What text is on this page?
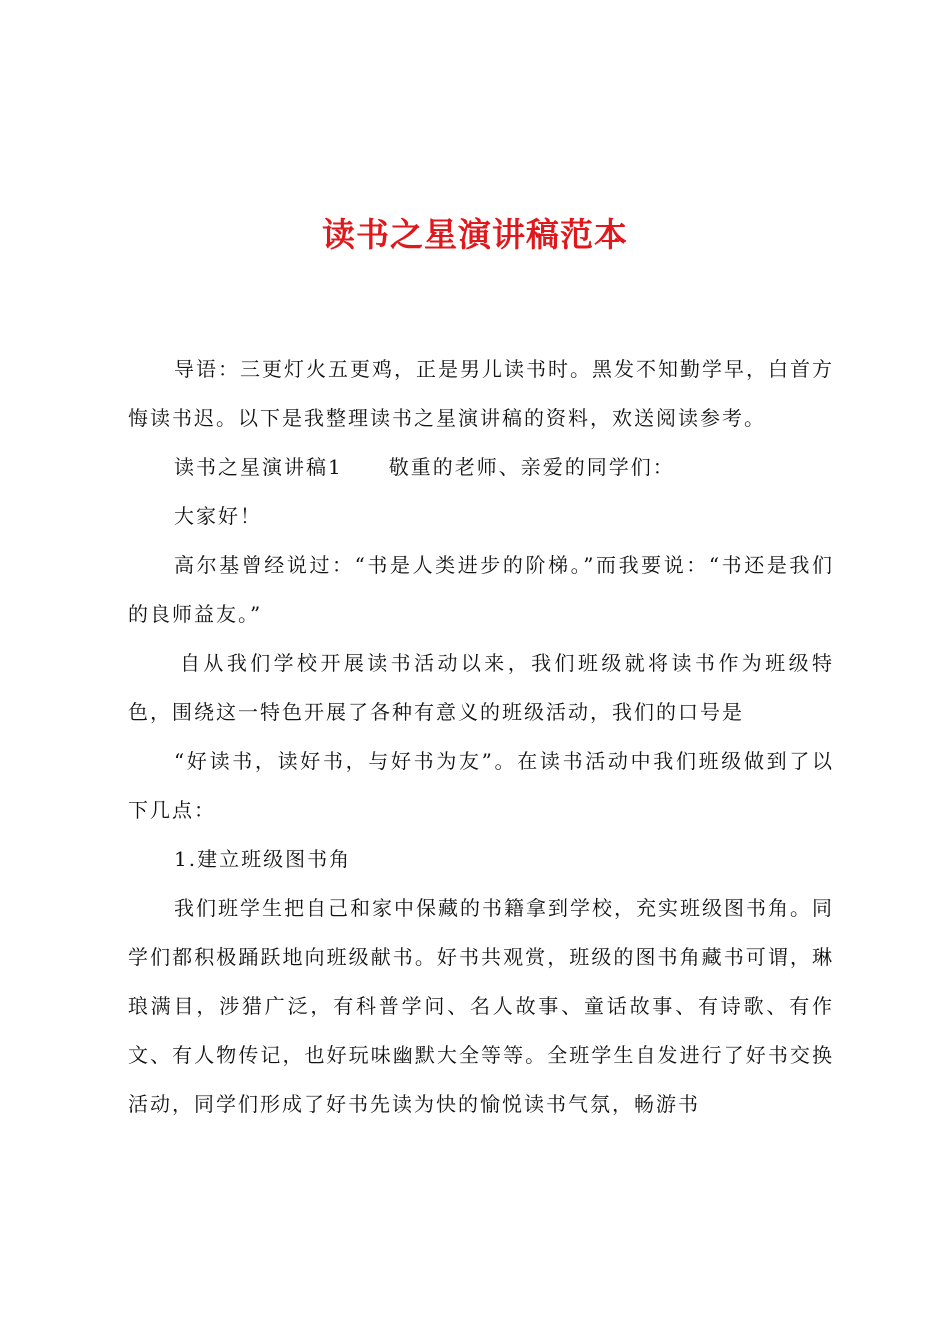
读书之星演讲稿范本

导语：三更灯火五更鸡，正是男儿读书时。黑发不知勤学早，白首方悔读书迟。以下是我整理读书之星演讲稿的资料，欢送阅读参考。

读书之星演讲稿1 敬重的老师、亲爱的同学们：

大家好！

高尔基曾经说过：“书是人类进步的阶梯。”而我要说：“书还是我们的良师益友。”

自从我们学校开展读书活动以来，我们班级就将读书作为班级特色，围绕这一特色开展了各种有意义的班级活动，我们的口号是

“好读书，读好书，与好书为友”。在读书活动中我们班级做到了以下几点：

1.建立班级图书角

我们班学生把自己和家中保藏的书籍拿到学校，充实班级图书角。同学们都积极踊跃地向班级献书。好书共观赏，班级的图书角藏书可谓，琳琅满目，涉猎广泛，有科普学问、名人故事、童话故事、有诗歌、有作文、有人物传记，也好玩味幽默大全等等。全班学生自发进行了好书交换活动，同学们形成了好书先读为快的愉悦读书气氛，畅游书
